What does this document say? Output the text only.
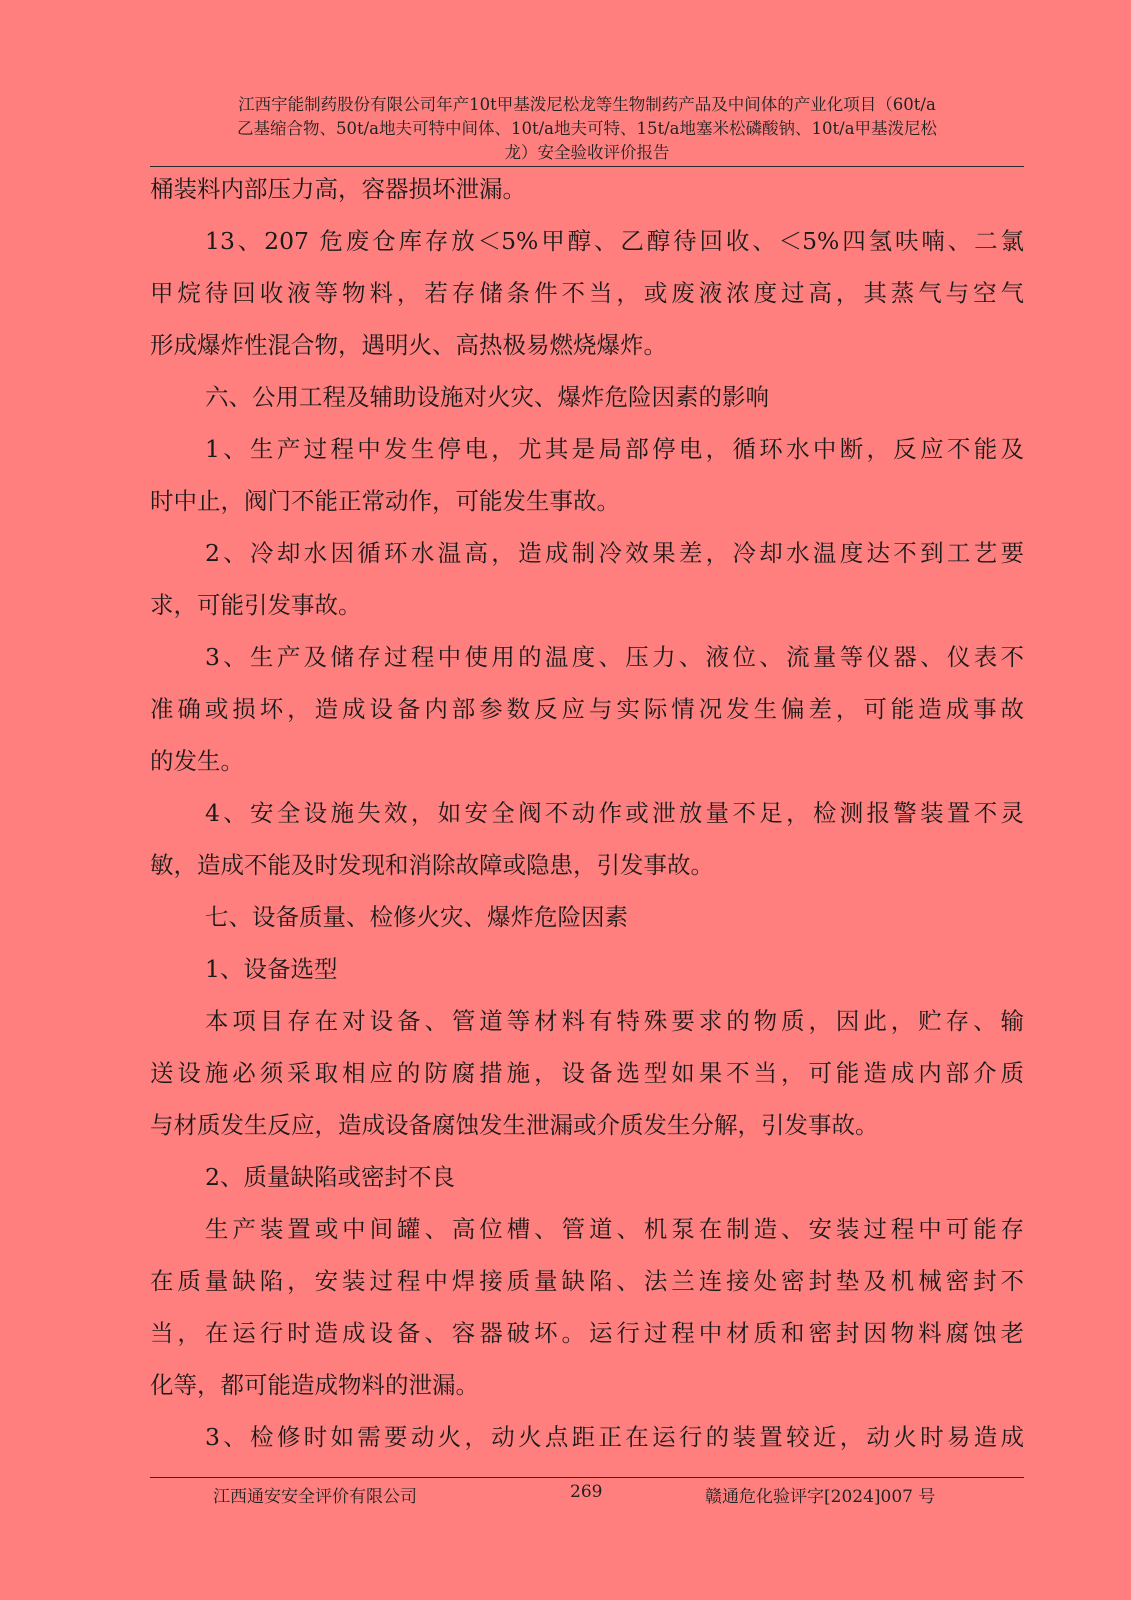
江西宇能制药股份有限公司年产10t甲基泼尼松龙等生物制药产品及中间体的产业化项目（60t/a
乙基缩合物、50t/a地夫可特中间体、10t/a地夫可特、15t/a地塞米松磷酸钠、10t/a甲基泼尼松
龙）安全验收评价报告

桶装料内部压力高，容器损坏泄漏。

13、207 危废仓库存放＜5%甲醇、乙醇待回收、＜5%四氢呋喃、二氯
甲烷待回收液等物料，若存储条件不当，或废液浓度过高，其蒸气与空气
形成爆炸性混合物，遇明火、高热极易燃烧爆炸。

六、公用工程及辅助设施对火灾、爆炸危险因素的影响

1、生产过程中发生停电，尤其是局部停电，循环水中断，反应不能及
时中止，阀门不能正常动作，可能发生事故。

2、冷却水因循环水温高，造成制冷效果差，冷却水温度达不到工艺要
求，可能引发事故。

3、生产及储存过程中使用的温度、压力、液位、流量等仪器、仪表不
准确或损坏，造成设备内部参数反应与实际情况发生偏差，可能造成事故
的发生。

4、安全设施失效，如安全阀不动作或泄放量不足，检测报警装置不灵
敏，造成不能及时发现和消除故障或隐患，引发事故。

七、设备质量、检修火灾、爆炸危险因素

1、设备选型

本项目存在对设备、管道等材料有特殊要求的物质，因此，贮存、输
送设施必须采取相应的防腐措施，设备选型如果不当，可能造成内部介质
与材质发生反应，造成设备腐蚀发生泄漏或介质发生分解，引发事故。

2、质量缺陷或密封不良

生产装置或中间罐、高位槽、管道、机泵在制造、安装过程中可能存
在质量缺陷，安装过程中焊接质量缺陷、法兰连接处密封垫及机械密封不
当，在运行时造成设备、容器破坏。运行过程中材质和密封因物料腐蚀老
化等，都可能造成物料的泄漏。

3、检修时如需要动火，动火点距正在运行的装置较近，动火时易造成

江西通安安全评价有限公司	269	赣通危化验评字[2024]007 号
